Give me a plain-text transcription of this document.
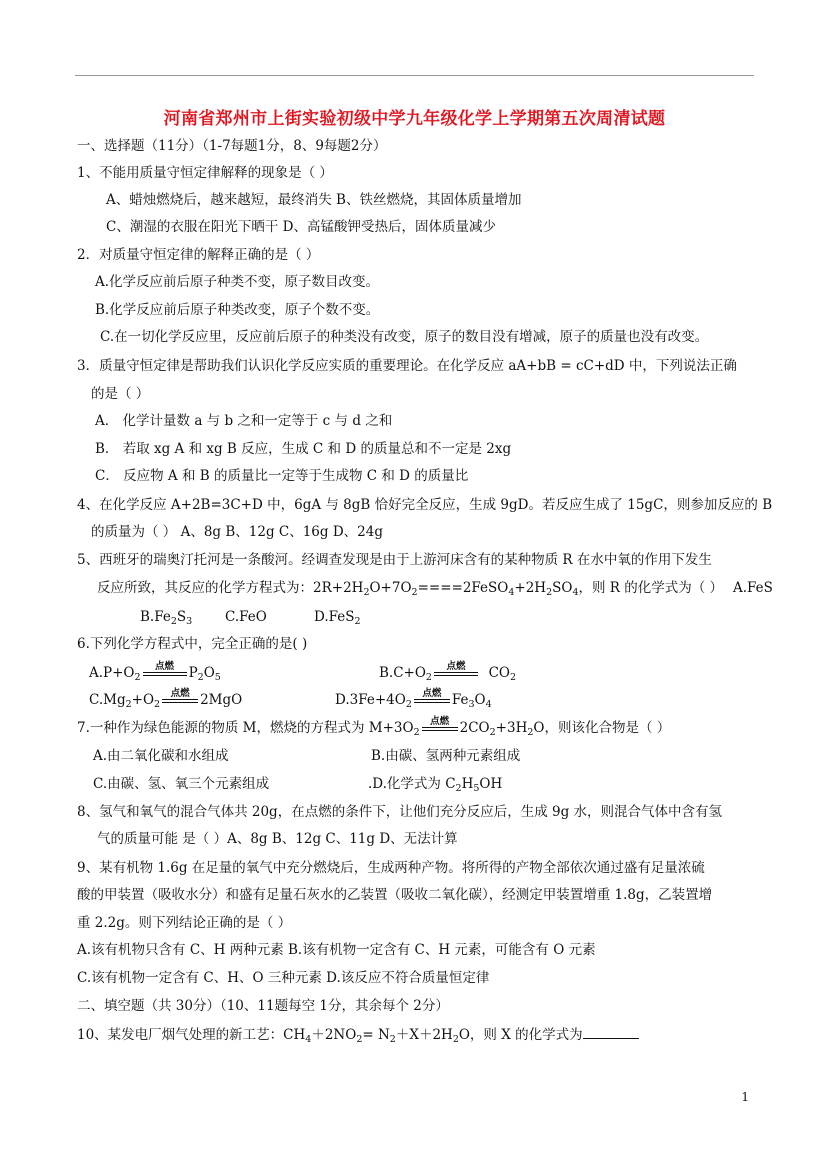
河南省郑州市上街实验初级中学九年级化学上学期第五次周清试题
一、选择题（11分）（1-7每题1分，8、9每题2分）
1、不能用质量守恒定律解释的现象是（ ）
A、蜡烛燃烧后，越来越短，最终消失 B、铁丝燃烧，其固体质量增加
C、潮湿的衣服在阳光下晒干 D、高锰酸钾受热后，固体质量减少
2．对质量守恒定律的解释正确的是（ ）
A.化学反应前后原子种类不变，原子数目改变。
B.化学反应前后原子种类改变，原子个数不变。
C.在一切化学反应里，反应前后原子的种类没有改变，原子的数目没有增减，原子的质量也没有改变。
3．质量守恒定律是帮助我们认识化学反应实质的重要理论。在化学反应 aA+bB = cC+dD 中，下列说法正确
的是（ ）
A． 化学计量数 a 与 b 之和一定等于 c 与 d 之和
B． 若取 xg A 和 xg B 反应，生成 C 和 D 的质量总和不一定是 2xg
C． 反应物 A 和 B 的质量比一定等于生成物 C 和 D 的质量比
4、在化学反应 A+2B=3C+D 中，6gA 与 8gB 恰好完全反应，生成 9gD。若反应生成了 15gC，则参加反应的 B
的质量为（ ） A、8g B、12g C、16g D、24g
5、西班牙的瑞奥汀托河是一条酸河。经调查发现是由于上游河床含有的某种物质 R 在水中氧的作用下发生
反应所致，其反应的化学方程式为：$2R+2H_2O+7O_2====2FeSO_4+2H_2SO_4$，则 R 的化学式为（ ） A.FeS
$B.Fe_2S_3$ C.FeO	D.FeS$_2$
6.下列化学方程式中，完全正确的是( )
$A.P+O_2$
点燃	$P_2O_5$	$B.C+O_2$
点燃	$CO_2$
$C.Mg_2+O_2$
点燃 2MgO	$D.3Fe+4O_2$
点燃 $Fe_3O_4$
7.一种作为绿色能源的物质 M，燃烧的方程式为 $M+3O_2$
点燃 $2CO_2+3H_2O$，则该化合物是（ ）
A.由二氧化碳和水组成	B.由碳、氢两种元素组成
C.由碳、氢、氧三个元素组成	.D.化学式为 $C_2H_5OH$
8、氢气和氧气的混合气体共 20g，在点燃的条件下，让他们充分反应后，生成 9g 水，则混合气体中含有氢
气的质量可能 是（ ）A、8g B、12g C、11g D、无法计算
9、某有机物 1.6g 在足量的氧气中充分燃烧后，生成两种产物。将所得的产物全部依次通过盛有足量浓硫
酸的甲装置（吸收水分）和盛有足量石灰水的乙装置（吸收二氧化碳），经测定甲装置增重 1.8g，乙装置增
重 2.2g。则下列结论正确的是（ ）
A.该有机物只含有 C、H 两种元素 B.该有机物一定含有 C、H 元素，可能含有 O 元素
C.该有机物一定含有 C、H、O 三种元素 D.该反应不符合质量恒定律
二、填空题（共 30分）（10、11题每空 1分，其余每个 2分）
10、某发电厂烟气处理的新工艺：$CH_4+2NO_2= N_2+X+2H_2O$，则 X 的化学式为
1
